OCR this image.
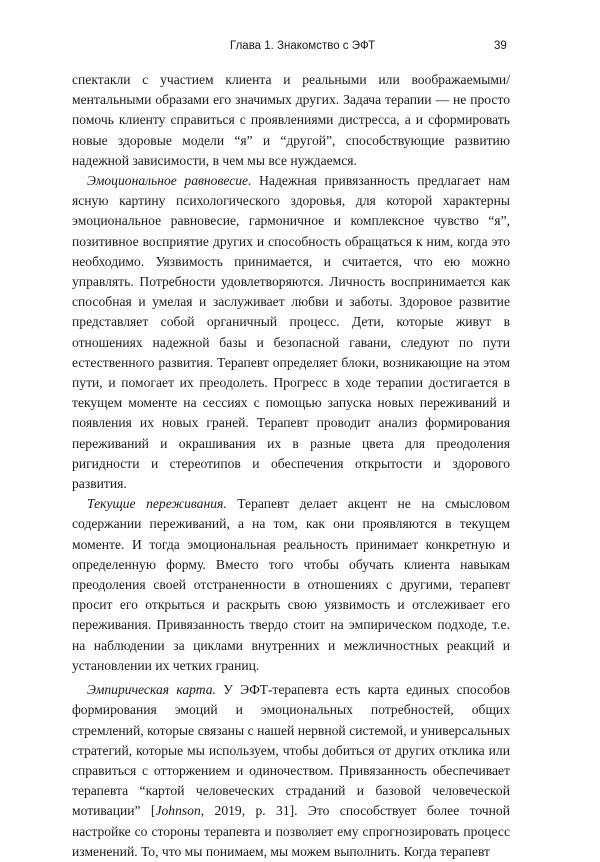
Глава 1. Знакомство с ЭФТ	39

спектакли с участием клиента и реальными или воображаемыми/ментальными образами его значимых других. Задача терапии — не просто помочь клиенту справиться с проявлениями дистресса, а и сформировать новые здоровые модели “я” и “другой”, способствующие развитию надежной зависимости, в чем мы все нуждаемся.

Эмоциональное равновесие. Надежная привязанность предлагает нам ясную картину психологического здоровья, для которой характерны эмоциональное равновесие, гармоничное и комплексное чувство “я”, позитивное восприятие других и способность обращаться к ним, когда это необходимо. Уязвимость принимается, и считается, что ею можно управлять. Потребности удовлетворяются. Личность воспринимается как способная и умелая и заслуживает любви и заботы. Здоровое развитие представляет собой органичный процесс. Дети, которые живут в отношениях надежной базы и безопасной гавани, следуют по пути естественного развития. Терапевт определяет блоки, возникающие на этом пути, и помогает их преодолеть. Прогресс в ходе терапии достигается в текущем моменте на сессиях с помощью запуска новых переживаний и появления их новых граней. Терапевт проводит анализ формирования переживаний и окрашивания их в разные цвета для преодоления ригидности и стереотипов и обеспечения открытости и здорового развития.

Текущие переживания. Терапевт делает акцент не на смысловом содержании переживаний, а на том, как они проявляются в текущем моменте. И тогда эмоциональная реальность принимает конкретную и определенную форму. Вместо того чтобы обучать клиента навыкам преодоления своей отстраненности в отношениях с другими, терапевт просит его открыться и раскрыть свою уязвимость и отслеживает его переживания. Привязанность твердо стоит на эмпирическом подходе, т.е. на наблюдении за циклами внутренних и межличностных реакций и установлении их четких границ.

Эмпирическая карта. У ЭФТ-терапевта есть карта единых способов формирования эмоций и эмоциональных потребностей, общих стремлений, которые связаны с нашей нервной системой, и универсальных стратегий, которые мы используем, чтобы добиться от других отклика или справиться с отторжением и одиночеством. Привязанность обеспечивает терапевта “картой человеческих страданий и базовой человеческой мотивации” [Johnson, 2019, p. 31]. Это способствует более точной настройке со стороны терапевта и позволяет ему спрогнозировать процесс изменений. То, что мы понимаем, мы можем выполнить. Когда терапевт
